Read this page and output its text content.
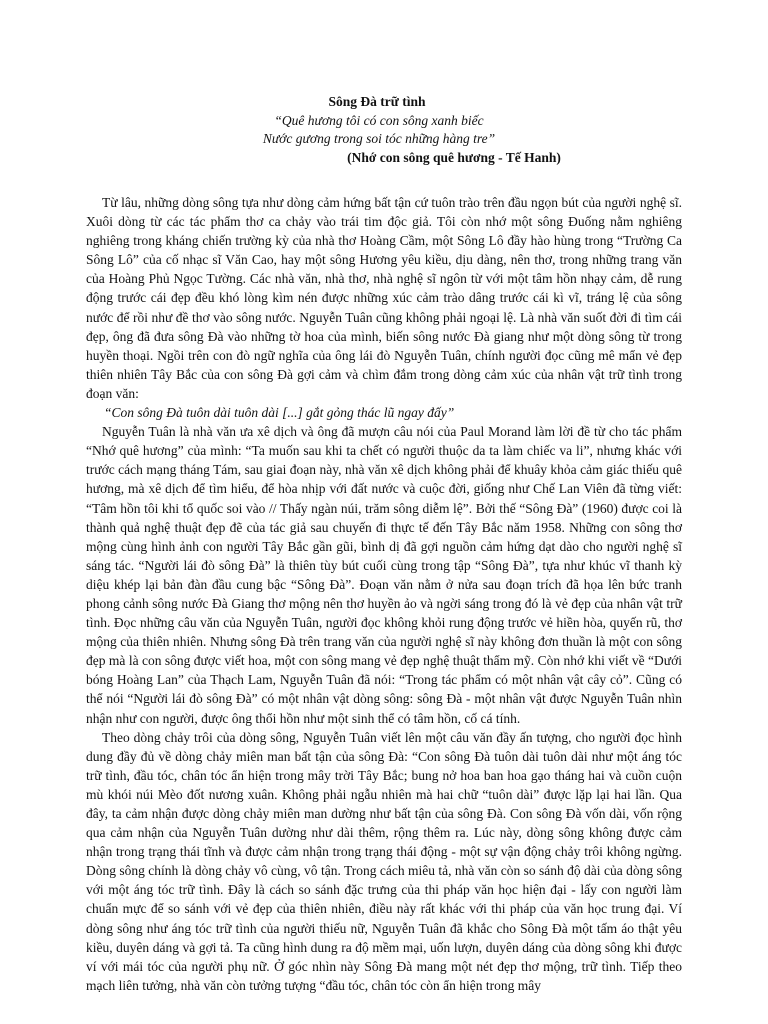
Sông Đà trữ tình
“Quê hương tôi có con sông xanh biếc
Nước gương trong soi tóc những hàng tre”
(Nhớ con sông quê hương - Tế Hanh)

Từ lâu, những dòng sông tựa như dòng cảm hứng bất tận cứ tuôn trào trên đầu ngọn bút của người nghệ sĩ. Xuôi dòng từ các tác phẩm thơ ca chảy vào trái tim độc giả. Tôi còn nhớ một sông Đuống nằm nghiêng nghiêng trong kháng chiến trường kỳ của nhà thơ Hoàng Cầm, một Sông Lô đầy hào hùng trong “Trường Ca Sông Lô” của cố nhạc sĩ Văn Cao, hay một sông Hương yêu kiều, dịu dàng, nên thơ, trong những trang văn của Hoàng Phủ Ngọc Tường. Các nhà văn, nhà thơ, nhà nghệ sĩ ngôn từ với một tâm hồn nhạy cảm, dễ rung động trước cái đẹp đều khó lòng kìm nén được những xúc cảm trào dâng trước cái kì vĩ, tráng lệ của sông nước để rồi như đề thơ vào sông nước. Nguyễn Tuân cũng không phải ngoại lệ. Là nhà văn suốt đời đi tìm cái đẹp, ông đã đưa sông Đà vào những tờ hoa của mình, biến sông nước Đà giang như một dòng sông từ trong huyền thoại. Ngồi trên con đò ngữ nghĩa của ông lái đò Nguyễn Tuân, chính người đọc cũng mê mẩn vẻ đẹp thiên nhiên Tây Bắc của con sông Đà gợi cảm và chìm đắm trong dòng cảm xúc của nhân vật trữ tình trong đoạn văn:

“Con sông Đà tuôn dài tuôn dài [...] gắt gỏng thác lũ ngay đấy”

Nguyễn Tuân là nhà văn ưa xê dịch và ông đã mượn câu nói của Paul Morand làm lời đề từ cho tác phẩm “Nhớ quê hương” của mình: “Ta muốn sau khi ta chết có người thuộc da ta làm chiếc va li”, nhưng khác với trước cách mạng tháng Tám, sau giai đoạn này, nhà văn xê dịch không phải để khuây khỏa cảm giác thiếu quê hương, mà xê dịch để tìm hiểu, để hòa nhịp với đất nước và cuộc đời, giống như Chế Lan Viên đã từng viết: “Tâm hồn tôi khi tổ quốc soi vào // Thấy ngàn núi, trăm sông diễm lệ”. Bởi thế “Sông Đà” (1960) được coi là thành quả nghệ thuật đẹp đẽ của tác giả sau chuyến đi thực tế đến Tây Bắc năm 1958. Những con sông thơ mộng cùng hình ảnh con người Tây Bắc gần gũi, bình dị đã gợi nguồn cảm hứng dạt dào cho người nghệ sĩ sáng tác. “Người lái đò sông Đà” là thiên tùy bút cuối cùng trong tập “Sông Đà”, tựa như khúc vĩ thanh kỳ diệu khép lại bản đàn đầu cung bậc “Sông Đà”. Đoạn văn nằm ở nửa sau đoạn trích đã họa lên bức tranh phong cảnh sông nước Đà Giang thơ mộng nên thơ huyền ảo và ngời sáng trong đó là vẻ đẹp của nhân vật trữ tình. Đọc những câu văn của Nguyễn Tuân, người đọc không khỏi rung động trước vẻ hiền hòa, quyến rũ, thơ mộng của thiên nhiên. Nhưng sông Đà trên trang văn của người nghệ sĩ này không đơn thuần là một con sông đẹp mà là con sông được viết hoa, một con sông mang vẻ đẹp nghệ thuật thẩm mỹ. Còn nhớ khi viết về “Dưới bóng Hoàng Lan” của Thạch Lam, Nguyễn Tuân đã nói: “Trong tác phẩm có một nhân vật cây cỏ”. Cũng có thể nói “Người lái đò sông Đà” có một nhân vật dòng sông: sông Đà - một nhân vật được Nguyễn Tuân nhìn nhận như con người, được ông thổi hồn như một sinh thể có tâm hồn, cố cá tính.

Theo dòng chảy trôi của dòng sông, Nguyễn Tuân viết lên một câu văn đầy ấn tượng, cho người đọc hình dung đầy đủ về dòng chảy miên man bất tận của sông Đà: “Con sông Đà tuôn dài tuôn dài như một áng tóc trữ tình, đầu tóc, chân tóc ẩn hiện trong mây trời Tây Bắc; bung nở hoa ban hoa gạo tháng hai và cuồn cuộn mù khói núi Mèo đốt nương xuân. Không phải ngẫu nhiên mà hai chữ “tuôn dài” được lặp lại hai lần. Qua đây, ta cảm nhận được dòng chảy miên man dường như bất tận của sông Đà. Con sông Đà vốn dài, vốn rộng qua cảm nhận của Nguyễn Tuân dường như dài thêm, rộng thêm ra. Lúc này, dòng sông không được cảm nhận trong trạng thái tĩnh và được cảm nhận trong trạng thái động - một sự vận động chảy trôi không ngừng. Dòng sông chính là dòng chảy vô cùng, vô tận. Trong cách miêu tả, nhà văn còn so sánh độ dài của dòng sông với một áng tóc trữ tình. Đây là cách so sánh đặc trưng của thi pháp văn học hiện đại - lấy con người làm chuẩn mực để so sánh với vẻ đẹp của thiên nhiên, điều này rất khác với thi pháp của văn học trung đại. Ví dòng sông như áng tóc trữ tình của người thiếu nữ, Nguyễn Tuân đã khắc cho Sông Đà một tấm áo thật yêu kiều, duyên dáng và gợi tả. Ta cũng hình dung ra độ mềm mại, uốn lượn, duyên dáng của dòng sông khi được ví với mái tóc của người phụ nữ. Ở góc nhìn này Sông Đà mang một nét đẹp thơ mộng, trữ tình. Tiếp theo mạch liên tưởng, nhà văn còn tưởng tượng “đầu tóc, chân tóc còn ẩn hiện trong mây
